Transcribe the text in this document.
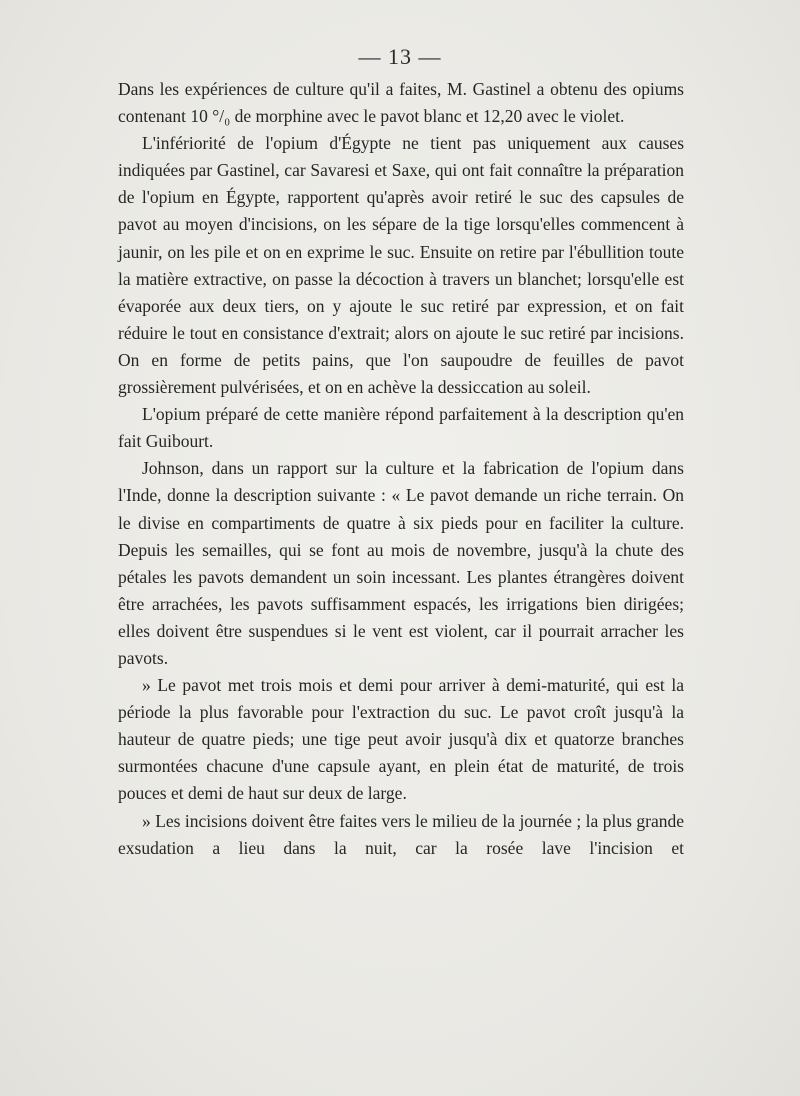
— 13 —

Dans les expériences de culture qu'il a faites, M. Gastinel a obtenu des opiums contenant 10 °/₀ de morphine avec le pavot blanc et 12,20 avec le violet.

L'infériorité de l'opium d'Égypte ne tient pas uniquement aux causes indiquées par Gastinel, car Savaresi et Saxe, qui ont fait connaître la préparation de l'opium en Égypte, rapportent qu'après avoir retiré le suc des capsules de pavot au moyen d'incisions, on les sépare de la tige lorsqu'elles commencent à jaunir, on les pile et on en exprime le suc. Ensuite on retire par l'ébullition toute la matière extractive, on passe la décoction à travers un blanchet; lorsqu'elle est évaporée aux deux tiers, on y ajoute le suc retiré par expression, et on fait réduire le tout en consistance d'extrait; alors on ajoute le suc retiré par incisions. On en forme de petits pains, que l'on saupoudre de feuilles de pavot grossièrement pulvérisées, et on en achève la dessiccation au soleil.

L'opium préparé de cette manière répond parfaitement à la description qu'en fait Guibourt.

Johnson, dans un rapport sur la culture et la fabrication de l'opium dans l'Inde, donne la description suivante : « Le pavot demande un riche terrain. On le divise en compartiments de quatre à six pieds pour en faciliter la culture. Depuis les semailles, qui se font au mois de novembre, jusqu'à la chute des pétales les pavots demandent un soin incessant. Les plantes étrangères doivent être arrachées, les pavots suffisamment espacés, les irrigations bien dirigées; elles doivent être suspendues si le vent est violent, car il pourrait arracher les pavots.

» Le pavot met trois mois et demi pour arriver à demi-maturité, qui est la période la plus favorable pour l'extraction du suc. Le pavot croît jusqu'à la hauteur de quatre pieds; une tige peut avoir jusqu'à dix et quatorze branches surmontées chacune d'une capsule ayant, en plein état de maturité, de trois pouces et demi de haut sur deux de large.

» Les incisions doivent être faites vers le milieu de la journée ; la plus grande exsudation a lieu dans la nuit, car la rosée lave l'incision et
